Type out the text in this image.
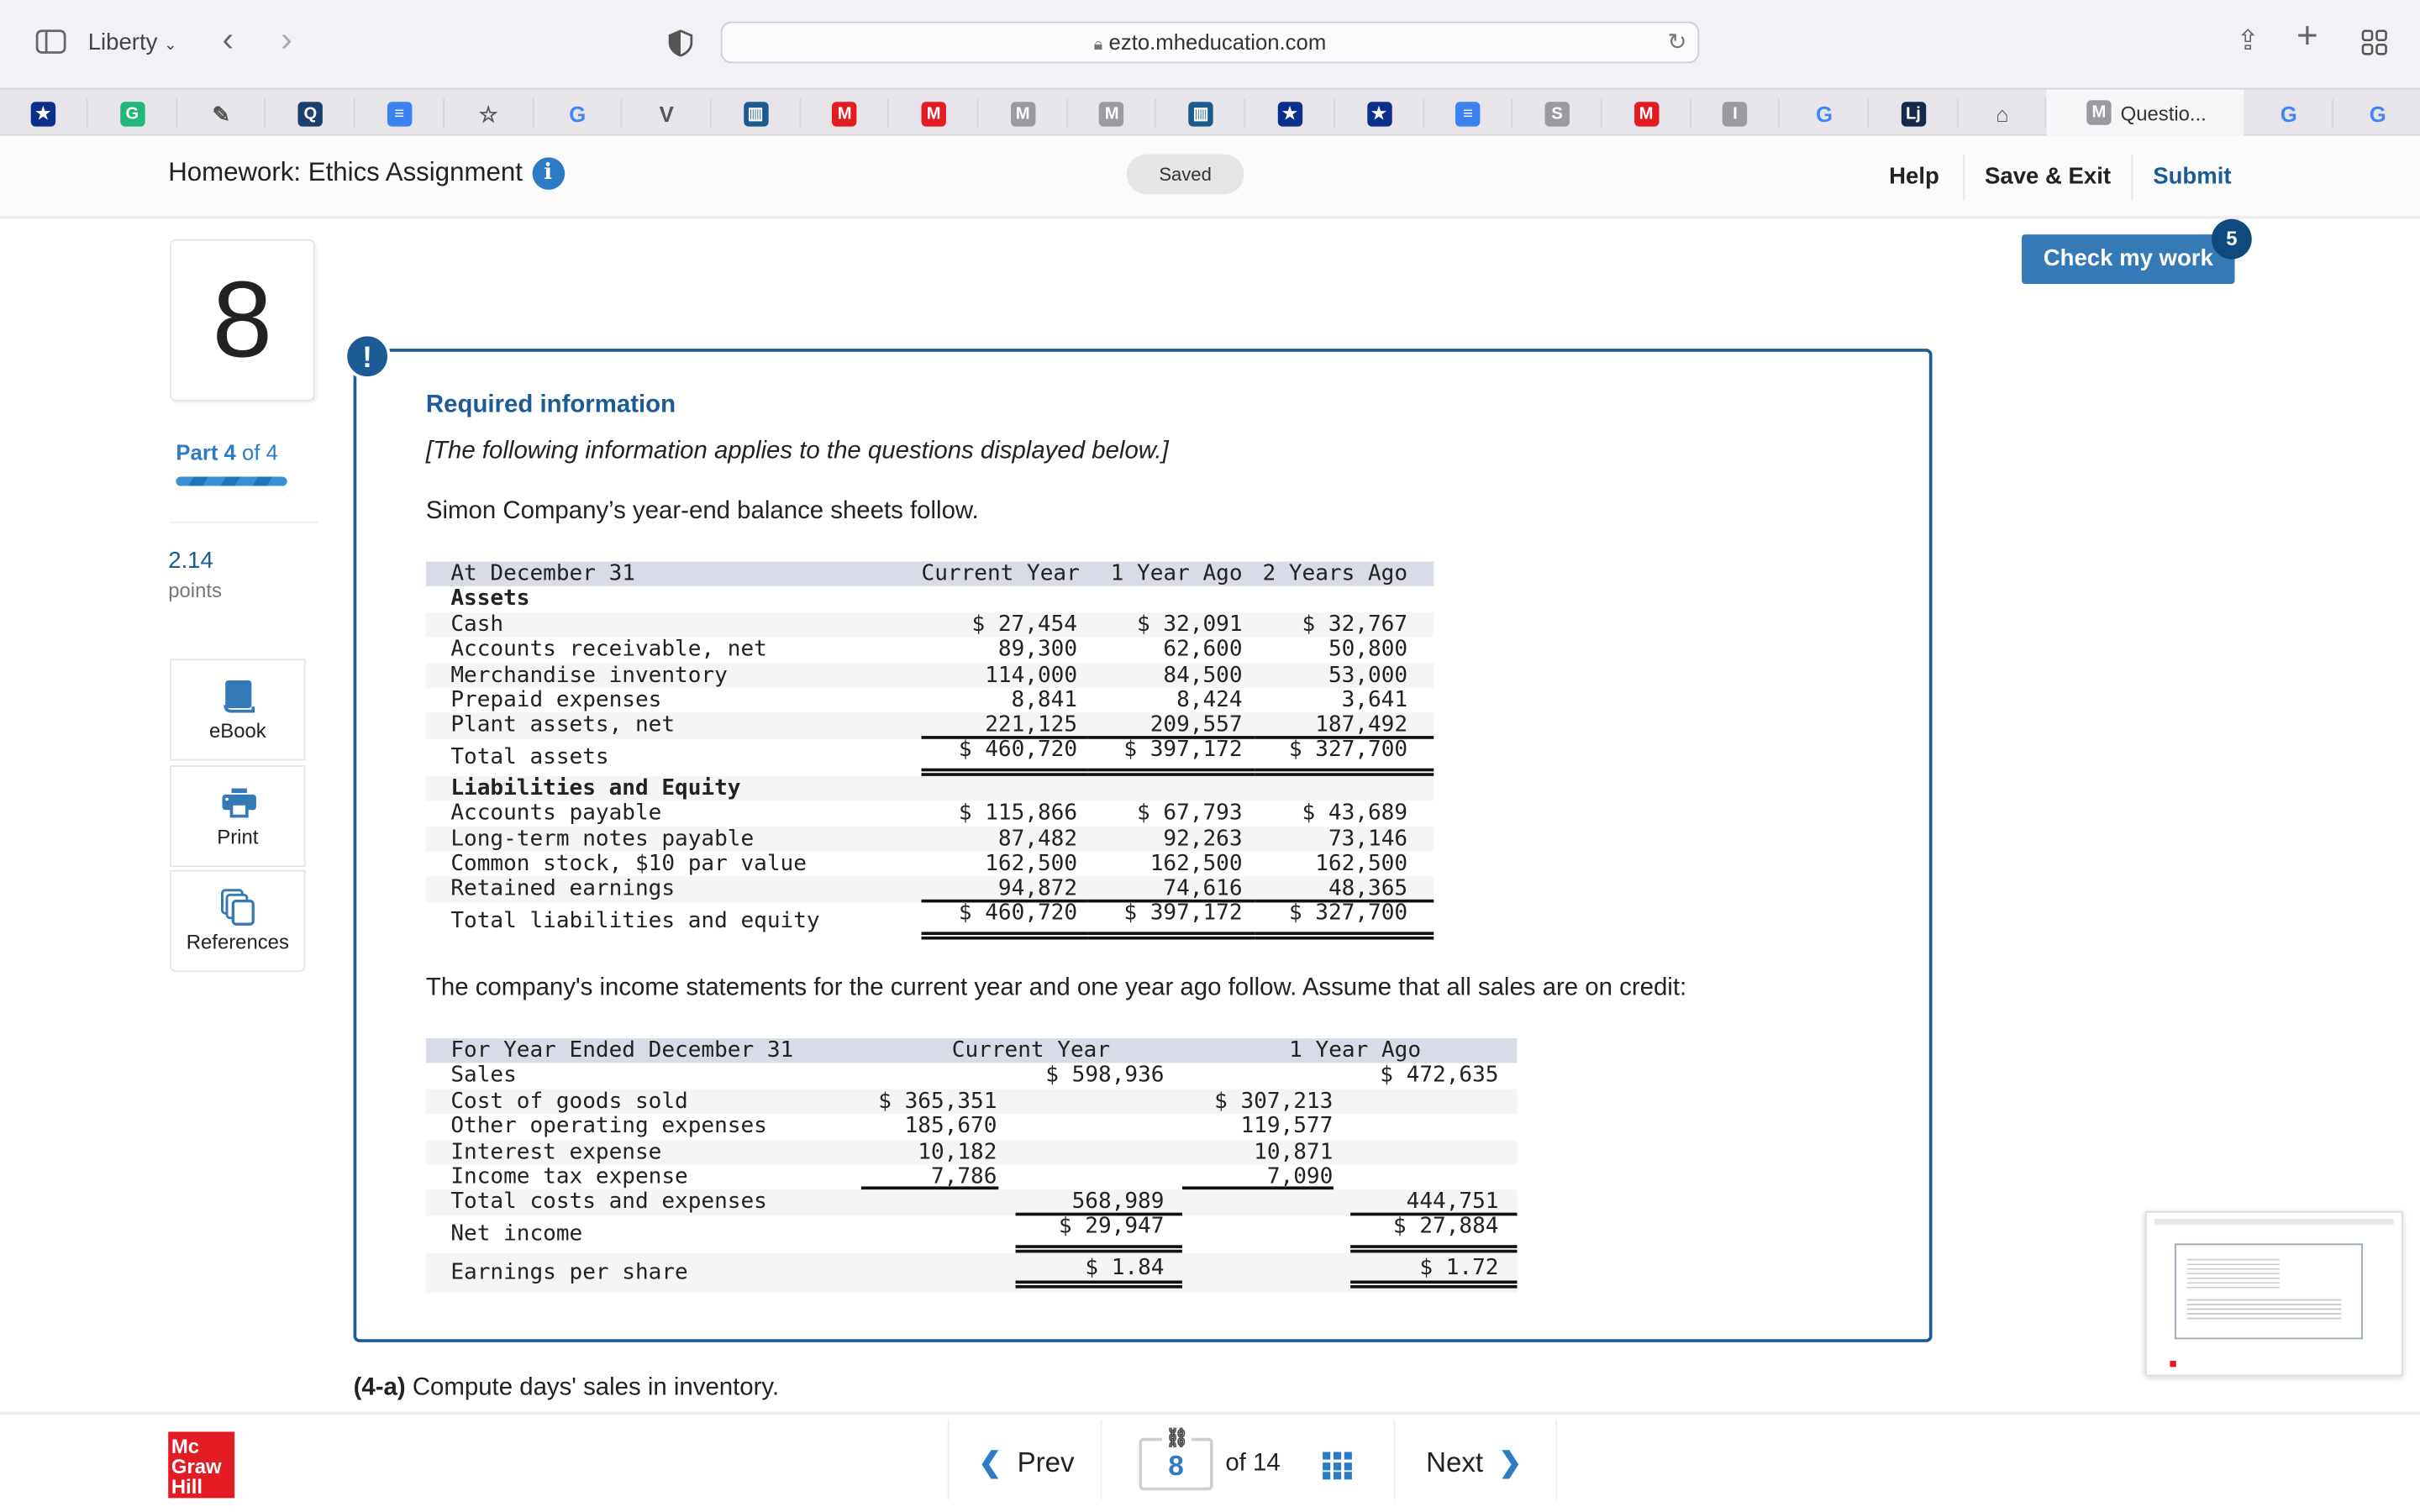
Liberty ⌄ ‹	›	🔒︎ ezto.mheducation.com	↻	⇪ +
★	G	✎	Q	≡	☆	G	V	▥	M	M	M	M	▥	★	★	≡	S	M	I	G	Lj	⌂	M	Questio...	G	G
Homework: Ethics Assignment i	Saved	Help	Save & Exit	Submit
8
Part 4 of 4
2.14
points
eBook
Print
References
!
Required information
[The following information applies to the questions displayed below.]
Simon Company’s year-end balance sheets follow.
At December 31	Current Year	1 Year Ago	2 Years Ago
Assets
Cash	$ 27,454	$ 32,091	$ 32,767
Accounts receivable, net	89,300	62,600	50,800
Merchandise inventory	114,000	84,500	53,000
Prepaid expenses	8,841	8,424	3,641
Plant assets, net	221,125	209,557	187,492
Total assets	$ 460,720	$ 397,172	$ 327,700
Liabilities and Equity
Accounts payable	$ 115,866	$ 67,793	$ 43,689
Long-term notes payable	87,482	92,263	73,146
Common stock, $10 par value	162,500	162,500	162,500
Retained earnings	94,872	74,616	48,365
Total liabilities and equity	$ 460,720	$ 397,172	$ 327,700
The company's income statements for the current year and one year ago follow. Assume that all sales are on credit:
For Year Ended December 31	Current Year	1 Year Ago
Sales	$ 598,936	$ 472,635
Cost of goods sold	$ 365,351	$ 307,213
Other operating expenses	185,670	119,577
Interest expense	10,182	10,871
Income tax expense	7,786	7,090
Total costs and expenses	568,989	444,751
Net income	$ 29,947	$ 27,884
Earnings per share	$ 1.84	$ 1.72
(4-a) Compute days' sales in inventory.
Check my work
5
Mc
Graw
Hill
❮ Prev	8
⛓
of 14	Next ❯
